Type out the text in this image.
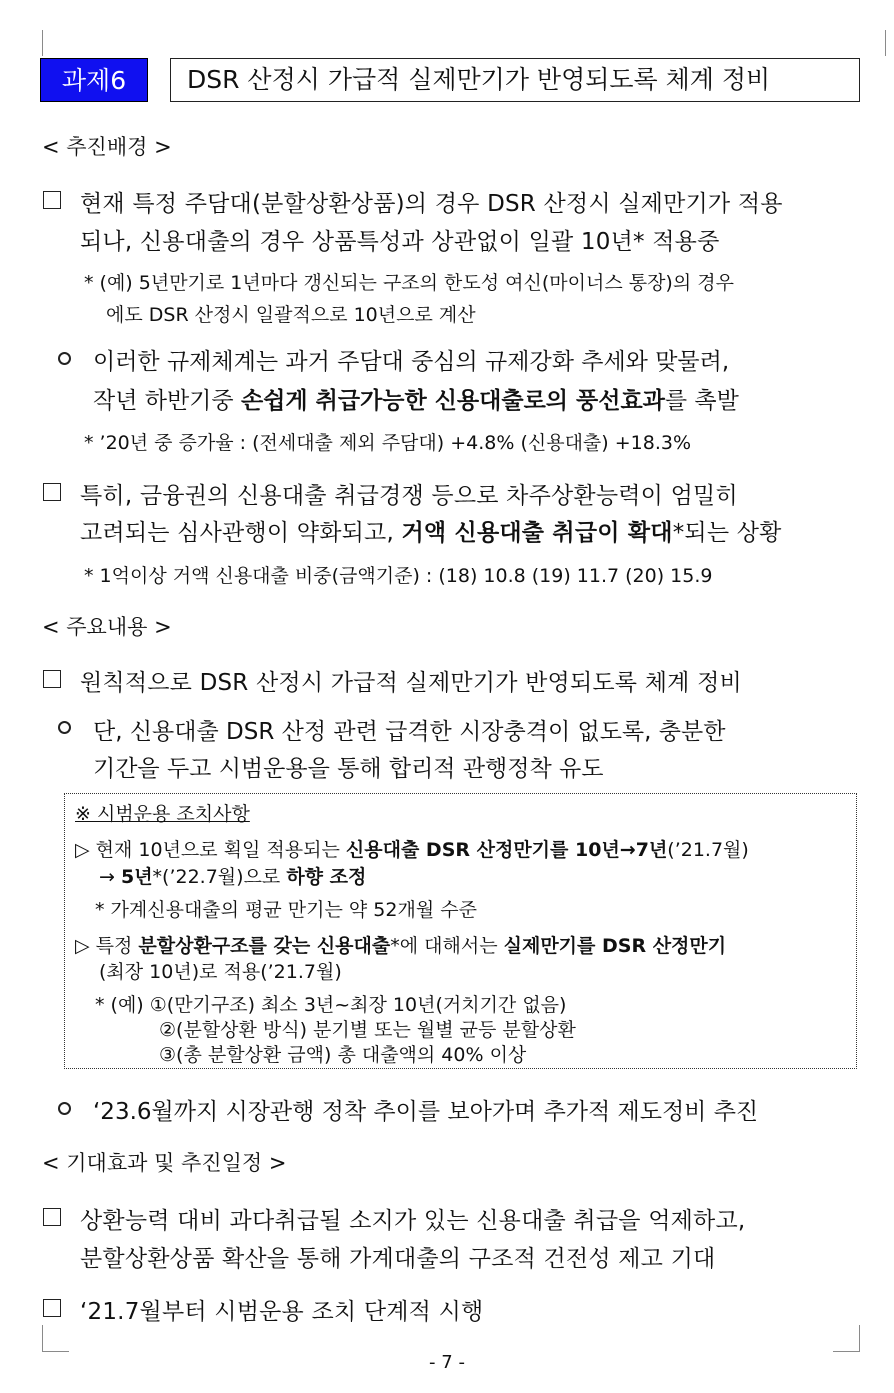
과제6	DSR 산정시 가급적 실제만기가 반영되도록 체계 정비
< 추진배경 >
현재 특정 주담대(분할상환상품)의 경우 DSR 산정시 실제만기가 적용
되나, 신용대출의 경우 상품특성과 상관없이 일괄 10년* 적용중
* (예) 5년만기로 1년마다 갱신되는 구조의 한도성 여신(마이너스 통장)의 경우
에도 DSR 산정시 일괄적으로 10년으로 계산
이러한 규제체계는 과거 주담대 중심의 규제강화 추세와 맞물려,
작년 하반기중 손쉽게 취급가능한 신용대출로의 풍선효과를 촉발
* ’20년 중 증가율 : (전세대출 제외 주담대) +4.8% (신용대출) +18.3%
특히, 금융권의 신용대출 취급경쟁 등으로 차주상환능력이 엄밀히
고려되는 심사관행이 약화되고, 거액 신용대출 취급이 확대*되는 상황
* 1억이상 거액 신용대출 비중(금액기준) : (18) 10.8 (19) 11.7 (20) 15.9
< 주요내용 >
원칙적으로 DSR 산정시 가급적 실제만기가 반영되도록 체계 정비
단, 신용대출 DSR 산정 관련 급격한 시장충격이 없도록, 충분한
기간을 두고 시범운용을 통해 합리적 관행정착 유도
※ 시범운용 조치사항
▷ 현재 10년으로 획일 적용되는 신용대출 DSR 산정만기를 10년→7년(’21.7월)
→ 5년*(’22.7월)으로 하향 조정
* 가계신용대출의 평균 만기는 약 52개월 수준
▷ 특정 분할상환구조를 갖는 신용대출*에 대해서는 실제만기를 DSR 산정만기
(최장 10년)로 적용(’21.7월)
* (예) ①(만기구조) 최소 3년~최장 10년(거치기간 없음)
②(분할상환 방식) 분기별 또는 월별 균등 분할상환
③(총 분할상환 금액) 총 대출액의 40% 이상
‘23.6월까지 시장관행 정착 추이를 보아가며 추가적 제도정비 추진
< 기대효과 및 추진일정 >
상환능력 대비 과다취급될 소지가 있는 신용대출 취급을 억제하고,
분할상환상품 확산을 통해 가계대출의 구조적 건전성 제고 기대
‘21.7월부터 시범운용 조치 단계적 시행
- 7 -
